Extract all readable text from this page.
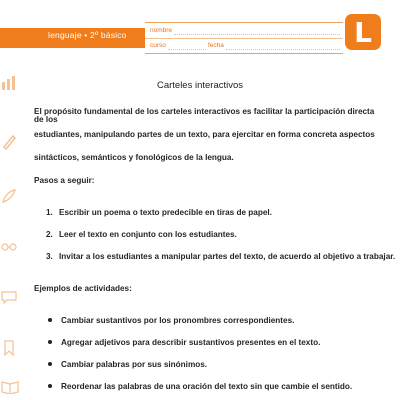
lenguaje • 2º básico	nombre
curso	fecha	L
Carteles interactivos
El propósito fundamental de los carteles interactivos es facilitar la participación directa de los
estudiantes, manipulando partes de un texto, para ejercitar en forma concreta aspectos
sintácticos, semánticos y fonológicos de la lengua.
Pasos a seguir:
1. Escribir un poema o texto predecible en tiras de papel.
2. Leer el texto en conjunto con los estudiantes.
3. Invitar a los estudiantes a manipular partes del texto, de acuerdo al objetivo a trabajar.
Ejemplos de actividades:
Cambiar sustantivos por los pronombres correspondientes.
Agregar adjetivos para describir sustantivos presentes en el texto.
Cambiar palabras por sus sinónimos.
Reordenar las palabras de una oración del texto sin que cambie el sentido.
